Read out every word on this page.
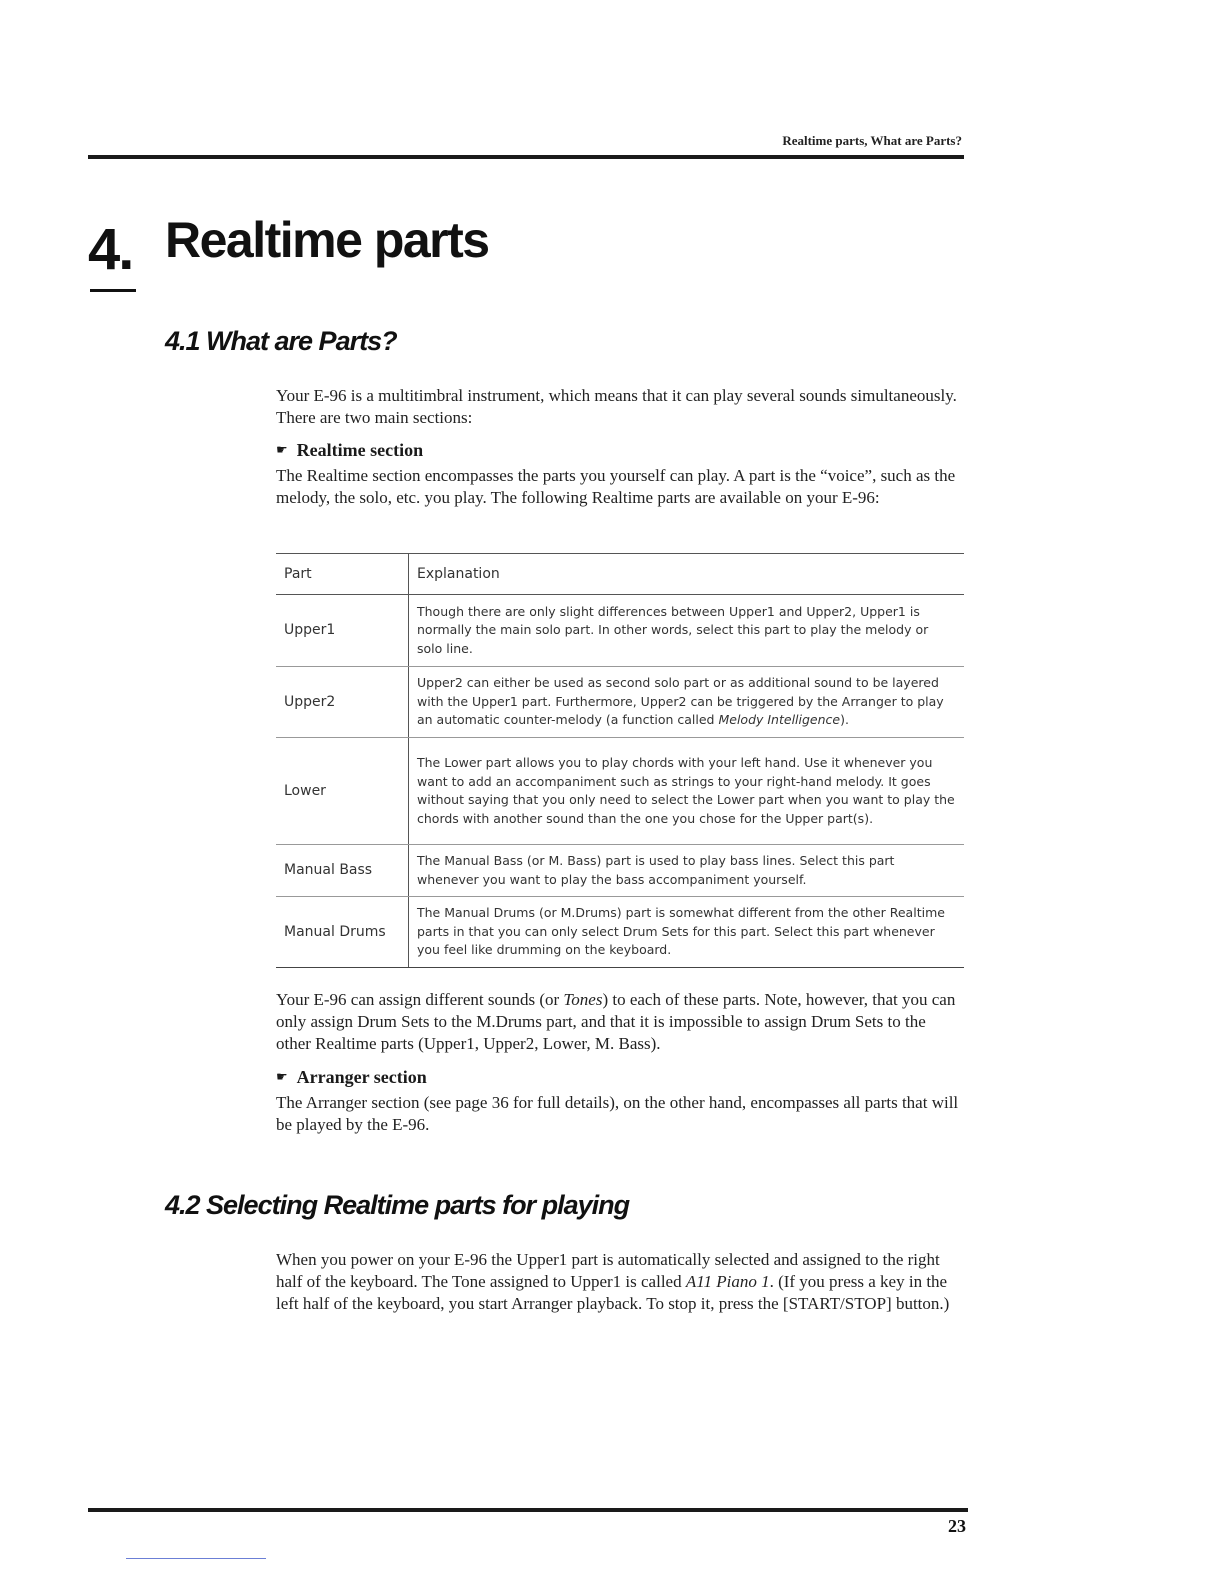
Realtime parts, What are Parts?
4. Realtime parts
4.1 What are Parts?

Your E-96 is a multitimbral instrument, which means that it can play several sounds simultaneously. There are two main sections:

☛ Realtime section

The Realtime section encompasses the parts you yourself can play. A part is the “voice”, such as the melody, the solo, etc. you play. The following Realtime parts are available on your E-96:

Part	Explanation
Upper1	Though there are only slight differences between Upper1 and Upper2, Upper1 is normally the main solo part. In other words, select this part to play the melody or solo line.
Upper2	Upper2 can either be used as second solo part or as additional sound to be layered with the Upper1 part. Furthermore, Upper2 can be triggered by the Arranger to play an automatic counter-melody (a function called Melody Intelligence).
Lower	The Lower part allows you to play chords with your left hand. Use it whenever you want to add an accompaniment such as strings to your right-hand melody. It goes without saying that you only need to select the Lower part when you want to play the chords with another sound than the one you chose for the Upper part(s).
Manual Bass	The Manual Bass (or M. Bass) part is used to play bass lines. Select this part whenever you want to play the bass accompaniment yourself.
Manual Drums	The Manual Drums (or M.Drums) part is somewhat different from the other Realtime parts in that you can only select Drum Sets for this part. Select this part whenever you feel like drumming on the keyboard.

Your E-96 can assign different sounds (or Tones) to each of these parts. Note, however, that you can only assign Drum Sets to the M.Drums part, and that it is impossible to assign Drum Sets to the other Realtime parts (Upper1, Upper2, Lower, M. Bass).

☛ Arranger section

The Arranger section (see page 36 for full details), on the other hand, encompasses all parts that will be played by the E-96.

4.2 Selecting Realtime parts for playing

When you power on your E-96 the Upper1 part is automatically selected and assigned to the right half of the keyboard. The Tone assigned to Upper1 is called A11 Piano 1. (If you press a key in the left half of the keyboard, you start Arranger playback. To stop it, press the [START/STOP] button.)

23
